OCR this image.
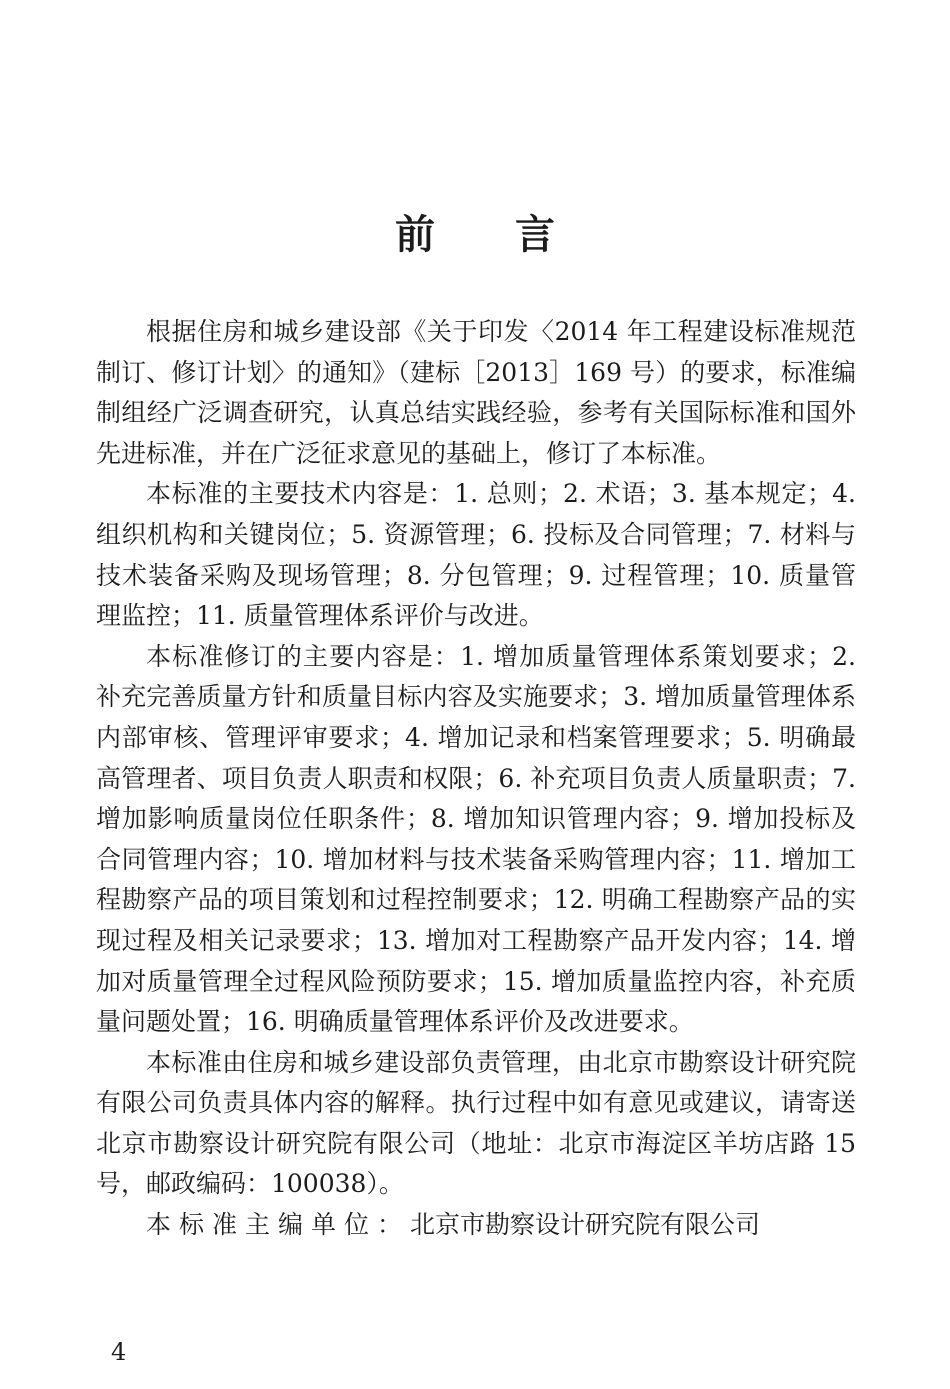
前 言

根据住房和城乡建设部《关于印发〈2014 年工程建设标准规范制订、修订计划〉的通知》（建标［2013］169 号）的要求，标准编制组经广泛调查研究，认真总结实践经验，参考有关国际标准和国外先进标准，并在广泛征求意见的基础上，修订了本标准。

本标准的主要技术内容是：1. 总则；2. 术语；3. 基本规定；4. 组织机构和关键岗位；5. 资源管理；6. 投标及合同管理；7. 材料与技术装备采购及现场管理；8. 分包管理；9. 过程管理；10. 质量管理监控；11. 质量管理体系评价与改进。

本标准修订的主要内容是：1. 增加质量管理体系策划要求；2. 补充完善质量方针和质量目标内容及实施要求；3. 增加质量管理体系内部审核、管理评审要求；4. 增加记录和档案管理要求；5. 明确最高管理者、项目负责人职责和权限；6. 补充项目负责人质量职责；7. 增加影响质量岗位任职条件；8. 增加知识管理内容；9. 增加投标及合同管理内容；10. 增加材料与技术装备采购管理内容；11. 增加工程勘察产品的项目策划和过程控制要求；12. 明确工程勘察产品的实现过程及相关记录要求；13. 增加对工程勘察产品开发内容；14. 增加对质量管理全过程风险预防要求；15. 增加质量监控内容，补充质量问题处置；16. 明确质量管理体系评价及改进要求。

本标准由住房和城乡建设部负责管理，由北京市勘察设计研究院有限公司负责具体内容的解释。执行过程中如有意见或建议，请寄送北京市勘察设计研究院有限公司（地址：北京市海淀区羊坊店路 15 号，邮政编码：100038）。

本标准主编单位：北京市勘察设计研究院有限公司

4
